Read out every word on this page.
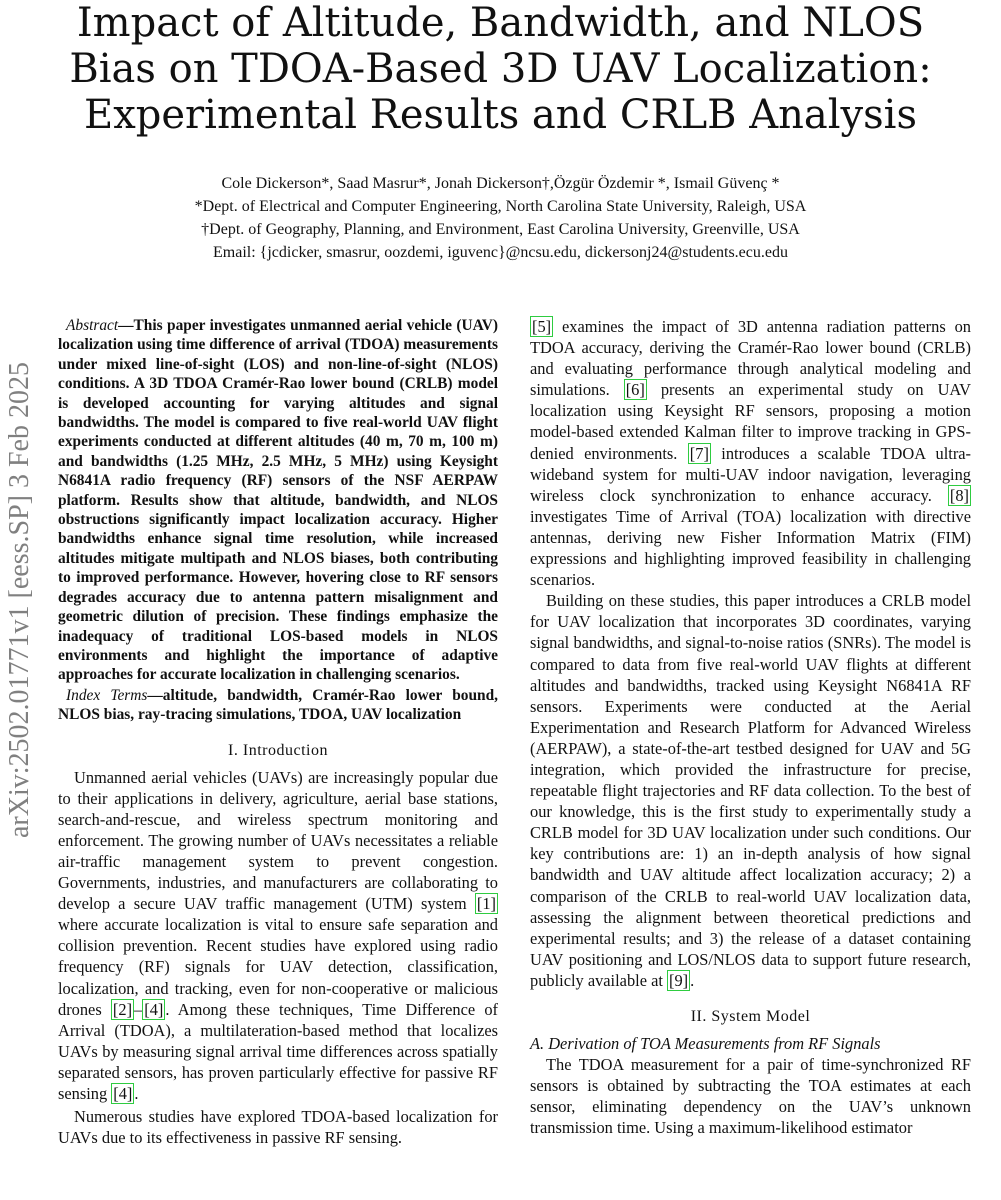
Impact of Altitude, Bandwidth, and NLOS Bias on TDOA-Based 3D UAV Localization: Experimental Results and CRLB Analysis
Cole Dickerson*, Saad Masrur*, Jonah Dickerson†,Özgür Özdemir *, Ismail Güvenç *
*Dept. of Electrical and Computer Engineering, North Carolina State University, Raleigh, USA
†Dept. of Geography, Planning, and Environment, East Carolina University, Greenville, USA
Email: {jcdicker, smasrur, oozdemi, iguvenc}@ncsu.edu, dickersonj24@students.ecu.edu
arXiv:2502.01771v1 [eess.SP] 3 Feb 2025

Abstract—This paper investigates unmanned aerial vehicle (UAV) localization using time difference of arrival (TDOA) measurements under mixed line-of-sight (LOS) and non-line-of-sight (NLOS) conditions. A 3D TDOA Cramér-Rao lower bound (CRLB) model is developed accounting for varying altitudes and signal bandwidths. The model is compared to five real-world UAV flight experiments conducted at different altitudes (40 m, 70 m, 100 m) and bandwidths (1.25 MHz, 2.5 MHz, 5 MHz) using Keysight N6841A radio frequency (RF) sensors of the NSF AERPAW platform. Results show that altitude, bandwidth, and NLOS obstructions significantly impact localization accuracy. Higher bandwidths enhance signal time resolution, while increased altitudes mitigate multipath and NLOS biases, both contributing to improved performance. However, hovering close to RF sensors degrades accuracy due to antenna pattern misalignment and geometric dilution of precision. These findings emphasize the inadequacy of traditional LOS-based models in NLOS environments and highlight the importance of adaptive approaches for accurate localization in challenging scenarios.

Index Terms—altitude, bandwidth, Cramér-Rao lower bound, NLOS bias, ray-tracing simulations, TDOA, UAV localization

I. Introduction

Unmanned aerial vehicles (UAVs) are increasingly popular due to their applications in delivery, agriculture, aerial base stations, search-and-rescue, and wireless spectrum monitoring and enforcement. The growing number of UAVs necessitates a reliable air-traffic management system to prevent congestion. Governments, industries, and manufacturers are collaborating to develop a secure UAV traffic management (UTM) system [1] where accurate localization is vital to ensure safe separation and collision prevention. Recent studies have explored using radio frequency (RF) signals for UAV detection, classification, localization, and tracking, even for non-cooperative or malicious drones [2] – [4] . Among these techniques, Time Difference of Arrival (TDOA), a multilateration-based method that localizes UAVs by measuring signal arrival time differences across spatially separated sensors, has proven particularly effective for passive RF sensing [4] .

Numerous studies have explored TDOA-based localization for UAVs due to its effectiveness in passive RF sensing.

[5] examines the impact of 3D antenna radiation patterns on TDOA accuracy, deriving the Cramér-Rao lower bound (CRLB) and evaluating performance through analytical modeling and simulations. [6] presents an experimental study on UAV localization using Keysight RF sensors, proposing a motion model-based extended Kalman filter to improve tracking in GPS-denied environments. [7] introduces a scalable TDOA ultra-wideband system for multi-UAV indoor navigation, leveraging wireless clock synchronization to enhance accuracy. [8] investigates Time of Arrival (TOA) localization with directive antennas, deriving new Fisher Information Matrix (FIM) expressions and highlighting improved feasibility in challenging scenarios.

Building on these studies, this paper introduces a CRLB model for UAV localization that incorporates 3D coordinates, varying signal bandwidths, and signal-to-noise ratios (SNRs). The model is compared to data from five real-world UAV flights at different altitudes and bandwidths, tracked using Keysight N6841A RF sensors. Experiments were conducted at the Aerial Experimentation and Research Platform for Advanced Wireless (AERPAW), a state-of-the-art testbed designed for UAV and 5G integration, which provided the infrastructure for precise, repeatable flight trajectories and RF data collection. To the best of our knowledge, this is the first study to experimentally study a CRLB model for 3D UAV localization under such conditions. Our key contributions are: 1) an in-depth analysis of how signal bandwidth and UAV altitude affect localization accuracy; 2) a comparison of the CRLB to real-world UAV localization data, assessing the alignment between theoretical predictions and experimental results; and 3) the release of a dataset containing UAV positioning and LOS/NLOS data to support future research, publicly available at [9] .

II. System Model

A. Derivation of TOA Measurements from RF Signals

The TDOA measurement for a pair of time-synchronized RF sensors is obtained by subtracting the TOA estimates at each sensor, eliminating dependency on the UAV’s unknown transmission time. Using a maximum-likelihood estimator
